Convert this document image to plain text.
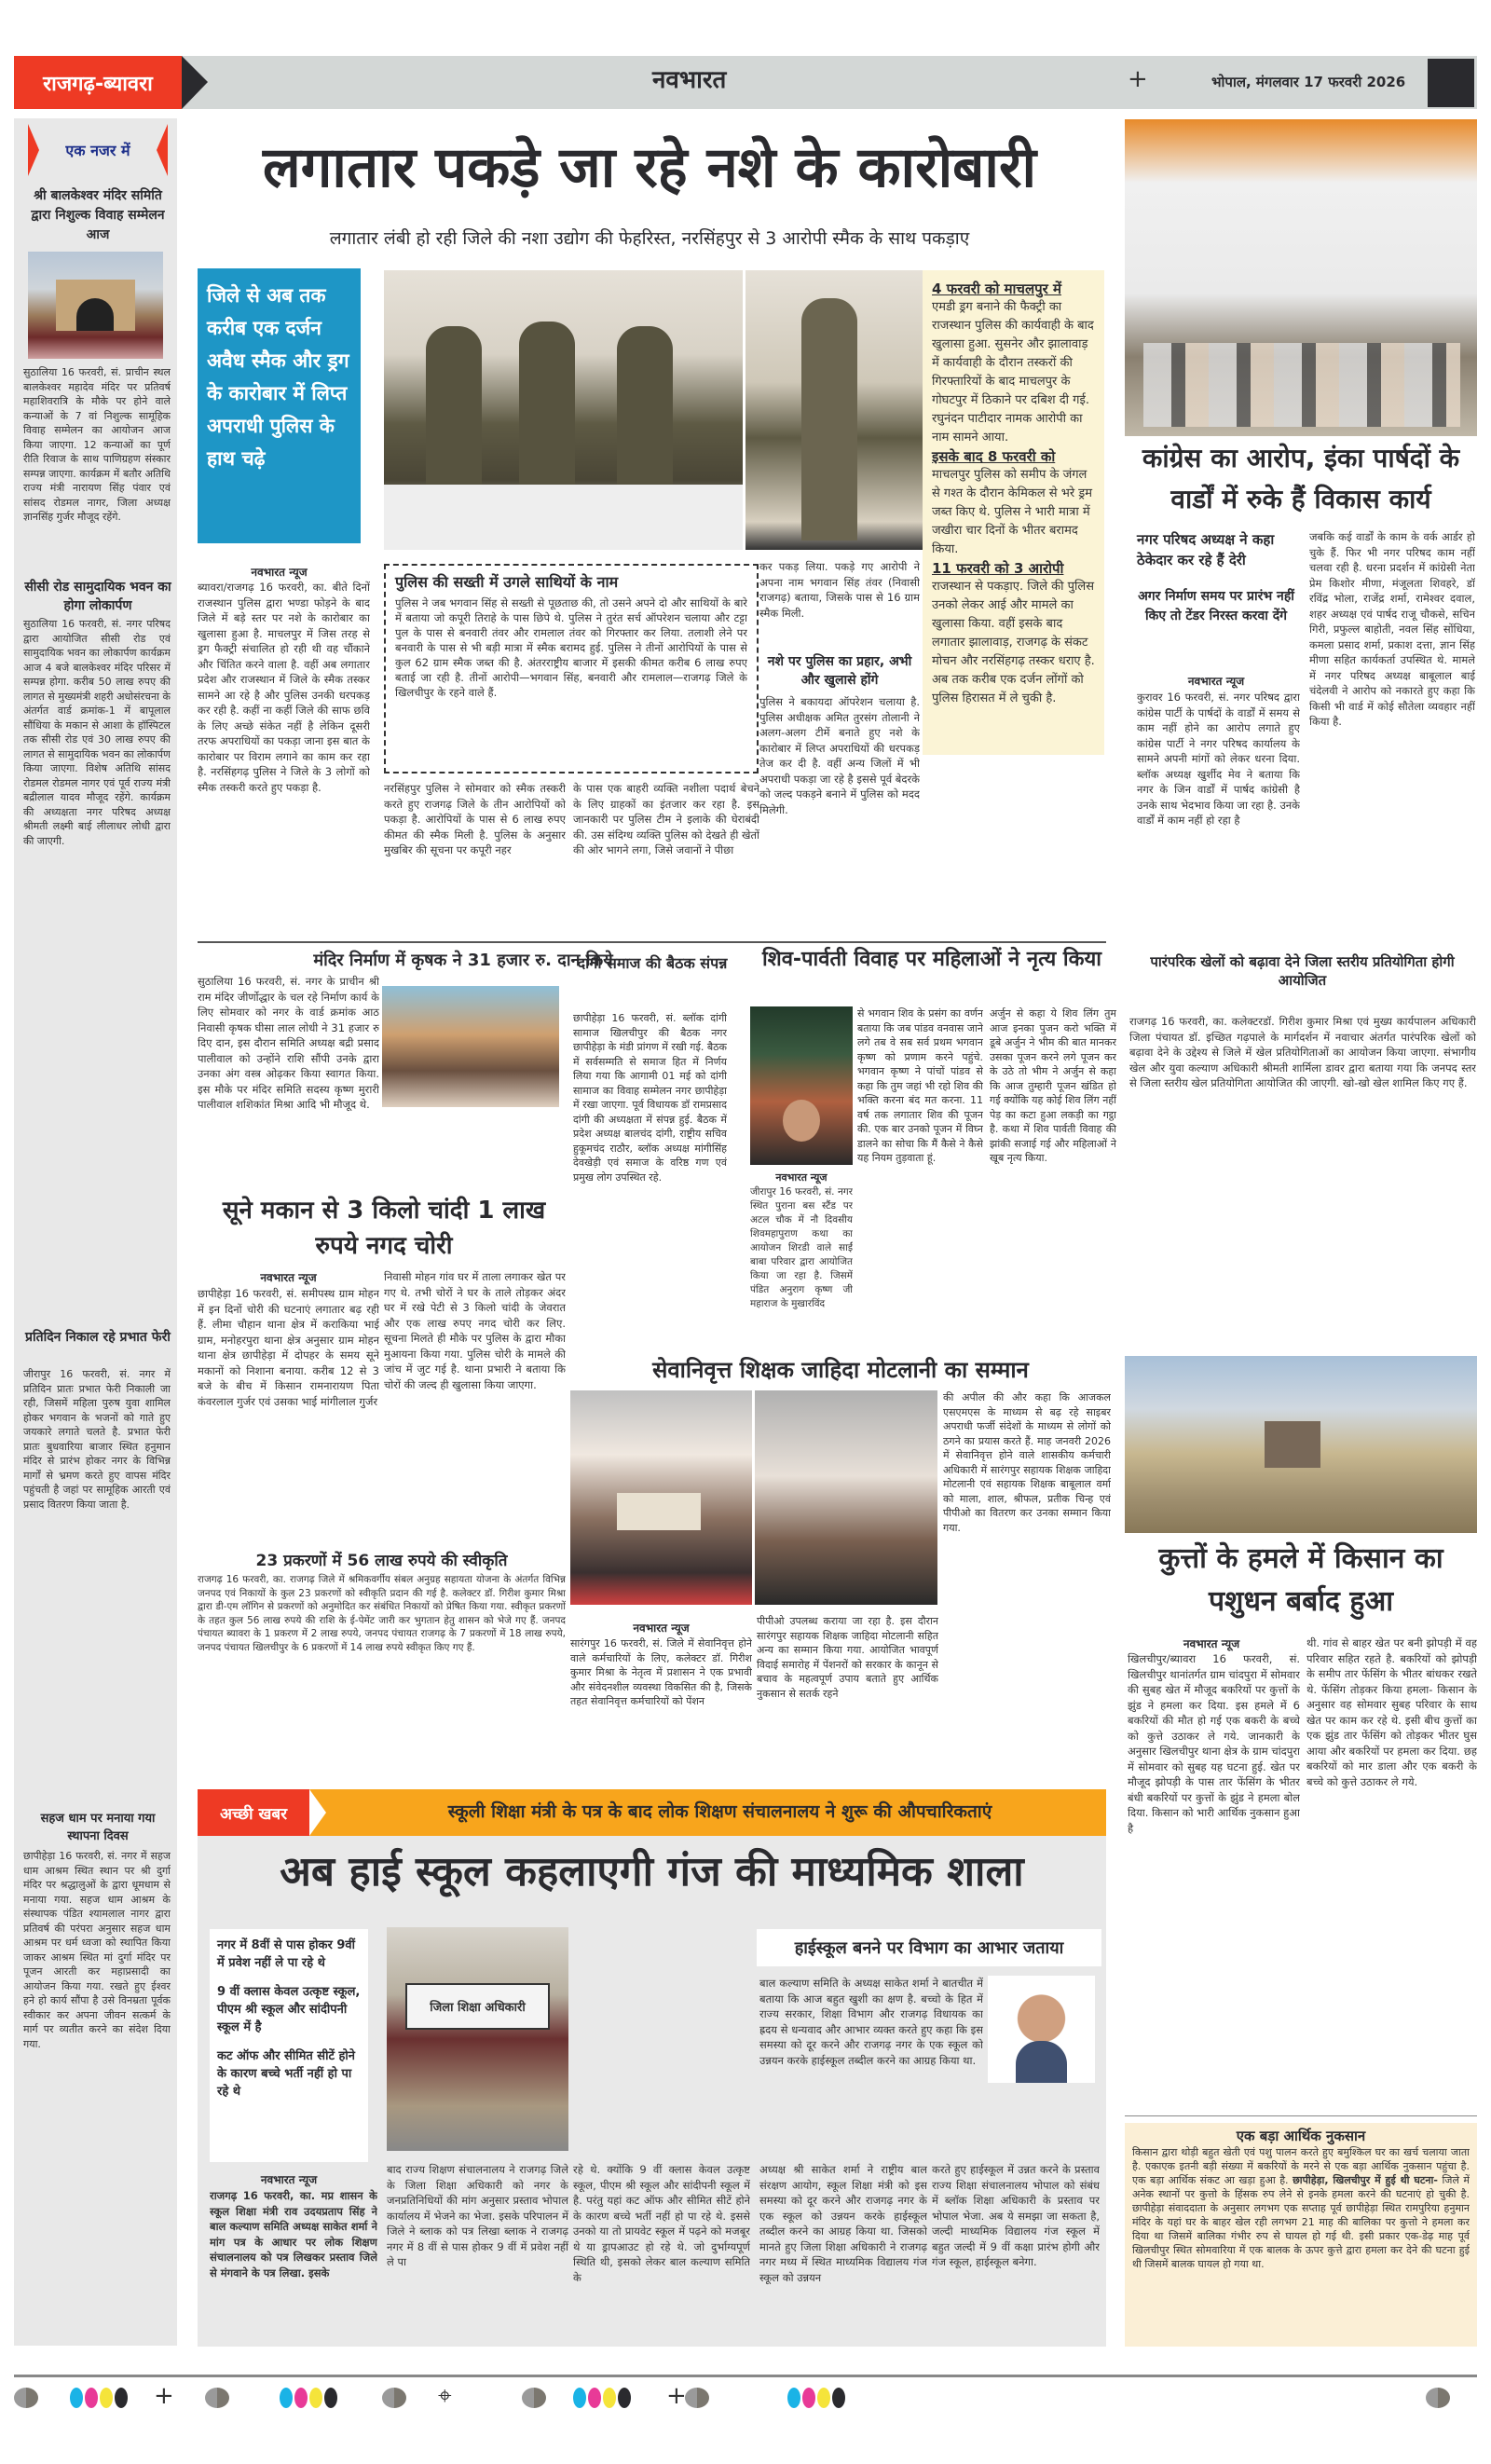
राजगढ़-ब्यावरा	नवभारत	+	भोपाल, मंगलवार 17 फरवरी 2026
एक नजर में
श्री बालकेश्वर मंदिर समिति द्वारा निशुल्क विवाह सम्मेलन आज
सुठालिया 16 फरवरी, सं. प्राचीन स्थल बालकेश्वर महादेव मंदिर पर प्रतिवर्ष महाशिवरात्रि के मौके पर होने वाले कन्याओं के 7 वां निशुल्क सामूहिक विवाह सम्मेलन का आयोजन आज किया जाएगा. 12 कन्याओं का पूर्ण रीति रिवाज के साथ पाणिग्रहण संस्कार सम्पन्न जाएगा. कार्यक्रम में बतौर अतिथि राज्य मंत्री नारायण सिंह पंवार एवं सांसद रोडमल नागर, जिला अध्यक्ष ज्ञानसिंह गुर्जर मौजूद रहेंगे.
सीसी रोड सामुदायिक भवन का होगा लोकार्पण
सुठालिया 16 फरवरी, सं. नगर परिषद द्वारा आयोजित सीसी रोड एवं सामुदायिक भवन का लोकार्पण कार्यक्रम आज 4 बजे बालकेश्वर मंदिर परिसर में सम्पन्न होगा. करीब 50 लाख रुपए की लागत से मुख्यमंत्री शहरी अधोसंरचना के अंतर्गत वार्ड क्रमांक-1 में बापूलाल सौंधिया के मकान से आशा के हॉस्पिटल तक सीसी रोड एवं 30 लाख रुपए की लागत से सामुदायिक भवन का लोकार्पण किया जाएगा. विशेष अतिथि सांसद रोडमल रोडमल नागर एवं पूर्व राज्य मंत्री बद्रीलाल यादव मौजूद रहेंगे. कार्यक्रम की अध्यक्षता नगर परिषद अध्यक्ष श्रीमती लक्ष्मी बाई लीलाधर लोधी द्वारा की जाएगी.
प्रतिदिन निकाल रहे प्रभात फेरी
जीरापुर 16 फरवरी, सं. नगर में प्रतिदिन प्रातः प्रभात फेरी निकाली जा रही, जिसमें महिला पुरुष युवा शामिल होकर भगवान के भजनों को गाते हुए जयकारे लगाते चलते है. प्रभात फेरी प्रातः बुधवारिया बाजार स्थित हनुमान मंदिर से प्रारंभ होकर नगर के विभिन्न मार्गों से भ्रमण करते हुए वापस मंदिर पहुंचती है जहां पर सामूहिक आरती एवं प्रसाद वितरण किया जाता है.
सहज धाम पर मनाया गया स्थापना दिवस
छापीहेड़ा 16 फरवरी, सं. नगर में सहज धाम आश्रम स्थित स्थान पर श्री दुर्गा मंदिर पर श्रद्धालुओं के द्वारा धूमधाम से मनाया गया. सहज धाम आश्रम के संस्थापक पंडित श्यामलाल नागर द्वारा प्रतिवर्ष की परंपरा अनुसार सहज धाम आश्रम पर धर्म ध्वजा को स्थापित किया जाकर आश्रम स्थित मां दुर्गा मंदिर पर पूजन आरती कर महाप्रसादी का आयोजन किया गया. रखते हुए ईश्वर हने हो कार्य सौंपा है उसे विनम्रता पूर्वक स्वीकार कर अपना जीवन सत्कर्म के मार्ग पर व्यतीत करने का संदेश दिया गया.
लगातार पकड़े जा रहे नशे के कारोबारी
लगातार लंबी हो रही जिले की नशा उद्योग की फेहरिस्त, नरसिंहपुर से 3 आरोपी स्मैक के साथ पकड़ाए
जिले से अब तक करीब एक दर्जन अवैध स्मैक और ड्रग के कारोबार में लिप्त अपराधी पुलिस के हाथ चढ़े
4 फरवरी को माचलपुर में
एमडी ड्रग बनाने की फैक्ट्री का राजस्थान पुलिस की कार्यवाही के बाद खुलासा हुआ. सुसनेर और झालावाड़ में कार्यवाही के दौरान तस्करों की गिरफ्तारियों के बाद माचलपुर के गोघटपुर में ठिकाने पर दबिश दी गई. रघुनंदन पाटीदार नामक आरोपी का नाम सामने आया.
इसके बाद 8 फरवरी को
माचलपुर पुलिस को समीप के जंगल से गश्त के दौरान केमिकल से भरे ड्रम जब्त किए थे. पुलिस ने भारी मात्रा में जखीरा चार दिनों के भीतर बरामद किया.
11 फरवरी को 3 आरोपी
राजस्थान से पकड़ाए. जिले की पुलिस उनको लेकर आई और मामले का खुलासा किया. वहीं इसके बाद लगातार झालावाड़, राजगढ़ के संकट मोचन और नरसिंहगढ़ तस्कर धराए है. अब तक करीब एक दर्जन लोंगों को पुलिस हिरासत में ले चुकी है.
नवभारत न्यूज
ब्यावरा/राजगढ़ 16 फरवरी, का. बीते दिनों राजस्थान पुलिस द्वारा भण्डा फोड़ने के बाद जिले में बड़े स्तर पर नशे के कारोबार का खुलासा हुआ है. माचलपुर में जिस तरह से ड्रग फैक्ट्री संचालित हो रही थी वह चौंकाने और चिंतित करने वाला है. वहीं अब लगातार प्रदेश और राजस्थान में जिले के स्मैक तस्कर सामने आ रहे है और पुलिस उनकी धरपकड़ कर रही है. कहीं ना कहीं जिले की साफ छवि के लिए अच्छे संकेत नहीं है लेकिन दूसरी तरफ अपराधियों का पकड़ा जाना इस बात के कारोबार पर विराम लगाने का काम कर रहा है. नरसिंहगढ़ पुलिस ने जिले के 3 लोगों को स्मैक तस्करी करते हुए पकड़ा है.
पुलिस की सख्ती में उगले साथियों के नाम
पुलिस ने जब भगवान सिंह से सख्ती से पूछताछ की, तो उसने अपने दो और साथियों के बारे में बताया जो कपूरी तिराहे के पास छिपे थे. पुलिस ने तुरंत सर्च ऑपरेशन चलाया और टट्टा पुल के पास से बनवारी तंवर और रामलाल तंवर को गिरफ्तार कर लिया. तलाशी लेने पर बनवारी के पास से भी बड़ी मात्रा में स्मैक बरामद हुई. पुलिस ने तीनों आरोपियों के पास से कुल 62 ग्राम स्मैक जब्त की है. अंतरराष्ट्रीय बाजार में इसकी कीमत करीब 6 लाख रुपए बताई जा रही है. तीनों आरोपी—भगवान सिंह, बनवारी और रामलाल—राजगढ़ जिले के खिलचीपुर के रहने वाले हैं.
नरसिंहपुर पुलिस ने सोमवार को स्मैक तस्करी करते हुए राजगढ़ जिले के तीन आरोपियों को पकड़ा है. आरोपियों के पास से 6 लाख रुपए कीमत की स्मैक मिली है. पुलिस के अनुसार मुखबिर की सूचना पर कपूरी नहर
के पास एक बाहरी व्यक्ति नशीला पदार्थ बेचने के लिए ग्राहकों का इंतजार कर रहा है. इस जानकारी पर पुलिस टीम ने इलाके की घेराबंदी की. उस संदिग्ध व्यक्ति पुलिस को देखते ही खेतों की ओर भागने लगा, जिसे जवानों ने पीछा
कर पकड़ लिया. पकड़े गए आरोपी ने अपना नाम भगवान सिंह तंवर (निवासी राजगढ़) बताया, जिसके पास से 16 ग्राम स्मैक मिली.
नशे पर पुलिस का प्रहार, अभी और खुलासे होंगे
पुलिस ने बकायदा ऑपरेशन चलाया है. पुलिस अधीक्षक अमित तुरसंग तोलानी ने अलग-अलग टीमें बनाते हुए नशे के कारोबार में लिप्त अपराधियों की धरपकड़ तेज कर दी है. वहीं अन्य जिलों में भी अपराधी पकड़ा जा रहे है इससे पूर्व बेदरके को जल्द पकड़ने बनाने में पुलिस को मदद मिलेगी.
कांग्रेस का आरोप, इंका पार्षदों के वार्डों में रुके हैं विकास कार्य
नगर परिषद अध्यक्ष ने कहा ठेकेदार कर रहे हैं देरी
अगर निर्माण समय पर प्रारंभ नहीं किए तो टेंडर निरस्त करवा देंगे
नवभारत न्यूज
कुरावर 16 फरवरी, सं. नगर परिषद द्वारा कांग्रेस पार्टी के पार्षदों के वार्डों में समय से काम नहीं होने का आरोप लगाते हुए कांग्रेस पार्टी ने नगर परिषद कार्यालय के सामने अपनी मांगों को लेकर धरना दिया. ब्लॉक अध्यक्ष खुर्शीद मेव ने बताया कि नगर के जिन वार्डों में पार्षद कांग्रेसी है उनके साथ भेदभाव किया जा रहा है. उनके वार्डों में काम नहीं हो रहा है
जबकि कई वार्डों के काम के वर्क आर्डर हो चुके हैं. फिर भी नगर परिषद काम नहीं चलवा रही है. धरना प्रदर्शन में कांग्रेसी नेता प्रेम किशोर मीणा, मंजूलता शिवहरे, डॉ रविंद्र भोला, राजेंद्र शर्मा, रामेश्वर दवाल, शहर अध्यक्ष एवं पार्षद राजू चौकसे, सचिन गिरी, प्रफुल्ल बाहोती, नवल सिंह सोंधिया, कमला प्रसाद शर्मा, प्रकाश दत्ता, ज्ञान सिंह मीणा सहित कार्यकर्ता उपस्थित थे. मामले में नगर परिषद अध्यक्ष बाबूलाल बाई चंदेलवी ने आरोप को नकारते हुए कहा कि किसी भी वार्ड में कोई सौतेला व्यवहार नहीं किया है.
मंदिर निर्माण में कृषक ने 31 हजार रु. दान किये
सुठालिया 16 फरवरी, सं. नगर के प्राचीन श्री राम मंदिर जीर्णोद्धार के चल रहे निर्माण कार्य के लिए सोमवार को नगर के वार्ड क्रमांक आठ निवासी कृषक घीसा लाल लोधी ने 31 हजार रु दिए दान, इस दौरान समिति अध्यक्ष बद्री प्रसाद पालीवाल को उन्होंने राशि सौंपी उनके द्वारा उनका अंग वस्त्र ओढ़कर किया स्वागत किया. इस मौके पर मंदिर समिति सदस्य कृष्ण मुरारी पालीवाल शशिकांत मिश्रा आदि भी मौजूद थे.
दांगी समाज की बैठक संपन्न
छापीहेड़ा 16 फरवरी, सं. ब्लॉक दांगी सामाज खिलचीपुर की बैठक नगर छापीहेड़ा के मंडी प्रांगण में रखी गई. बैठक में सर्वसम्मति से समाज हित में निर्णय लिया गया कि आगामी 01 मई को दांगी सामाज का विवाह सम्मेलन नगर छापीहेड़ा में रखा जाएगा. पूर्व विधायक डॉ रामप्रसाद दांगी की अध्यक्षता में संपन्न हुई. बैठक में प्रदेश अध्यक्ष बालचंद दांगी, राष्ट्रीय सचिव हुकूमचंद राठौर, ब्लॉक अध्यक्ष मांगीसिंह देवखेड़ी एवं समाज के वरिष्ठ गण एवं प्रमुख लोग उपस्थित रहे.
शिव-पार्वती विवाह पर महिलाओं ने नृत्य किया
नवभारत न्यूज
जीरापुर 16 फरवरी, सं. नगर स्थित पुराना बस स्टैंड पर अटल चौक में नौ दिवसीय शिवमहापुराण कथा का आयोजन शिरडी वाले साईं बाबा परिवार द्वारा आयोजित किया जा रहा है. जिसमें पंडित अनुराग कृष्ण जी महाराज के मुखारविंद
से भगवान शिव के प्रसंग का वर्णन बताया कि जब पांडव वनवास जाने लगे तब वे सब सर्व प्रथम भगवान कृष्ण को प्रणाम करने पहुंचे. भगवान कृष्ण ने पांचों पांडव से कहा कि तुम जहां भी रहो शिव की भक्ति करना बंद मत करना. 11 वर्ष तक लगातार शिव की पूजन की. एक बार उनको पूजन में विघ्न डालने का सोचा कि मैं कैसे ने कैसे यह नियम तुड़वाता हूं.
अर्जुन से कहा ये शिव लिंग तुम आज इनका पुजन करो भक्ति में डूबे अर्जुन ने भीम की बात मानकर उसका पूजन करने लगे पूजन कर के उठे तो भीम ने अर्जुन से कहा कि आज तुम्हारी पूजन खंडित हो गई क्योंकि यह कोई शिव लिंग नहीं पेड़ का कटा हुआ लकड़ी का गट्ठा है. कथा में शिव पार्वती विवाह की झांकी सजाई गई और महिलाओं ने खूब नृत्य किया.
पारंपरिक खेलों को बढ़ावा देने जिला स्तरीय प्रतियोगिता होगी आयोजित
राजगढ़ 16 फरवरी, का. कलेक्टरडॉ. गिरीश कुमार मिश्रा एवं मुख्य कार्यपालन अधिकारी जिला पंचायत डॉ. इच्छित गढ़पाले के मार्गदर्शन में नवाचार अंतर्गत पारंपरिक खेलों को बढ़ावा देने के उद्देश्य से जिले में खेल प्रतियोगिताओं का आयोजन किया जाएगा. संभागीय खेल और युवा कल्याण अधिकारी श्रीमती शार्मिला डावर द्वारा बताया गया कि जनपद स्तर से जिला स्तरीय खेल प्रतियोगिता आयोजित की जाएगी. खो-खो खेल शामिल किए गए हैं.
सूने मकान से 3 किलो चांदी 1 लाख रुपये नगद चोरी
नवभारत न्यूज
छापीहेड़ा 16 फरवरी, सं. समीपस्थ ग्राम मोहन में इन दिनों चोरी की घटनाएं लगातार बढ़ रही हैं. लीमा चौहान थाना क्षेत्र में कराकिया भाई ग्राम, मनोहरपुरा थाना क्षेत्र अनुसार ग्राम मोहन थाना क्षेत्र छापीहेड़ा में दोपहर के समय सूने मकानों को निशाना बनाया. करीब 12 से 3 बजे के बीच में किसान रामनारायण पिता कंवरलाल गुर्जर एवं उसका भाई मांगीलाल गुर्जर
निवासी मोहन गांव घर में ताला लगाकर खेत पर गए थे. तभी चोरों ने घर के ताले तोड़कर अंदर घर में रखे पेटी से 3 किलो चांदी के जेवरात और एक लाख रुपए नगद चोरी कर लिए. सूचना मिलते ही मौके पर पुलिस के द्वारा मौका मुआयना किया गया. पुलिस चोरी के मामले की जांच में जुट गई है. थाना प्रभारी ने बताया कि चोरों की जल्द ही खुलासा किया जाएगा.
सेवानिवृत्त शिक्षक जाहिदा मोटलानी का सम्मान
नवभारत न्यूज
सारंगपुर 16 फरवरी, सं. जिले में सेवानिवृत्त होने वाले कर्मचारियों के लिए, कलेक्टर डॉ. गिरीश कुमार मिश्रा के नेतृत्व में प्रशासन ने एक प्रभावी और संवेदनशील व्यवस्था विकसित की है, जिसके तहत सेवानिवृत्त कर्मचारियों को पेंशन
पीपीओ उपलब्ध कराया जा रहा है. इस दौरान सारंगपुर सहायक शिक्षक जाहिदा मोटलानी सहित अन्य का सम्मान किया गया. आयोजित भावपूर्ण विदाई समारोह में पेंशनरों को सरकार के कानून से बचाव के महत्वपूर्ण उपाय बताते हुए आर्थिक नुकसान से सतर्क रहने
की अपील की और कहा कि आजकल एसएमएस के माध्यम से बढ़ रहे साइबर अपराधी फर्जी संदेशों के माध्यम से लोगों को ठगने का प्रयास करते हैं. माह जनवरी 2026 में सेवानिवृत्त होने वाले शासकीय कर्मचारी अधिकारी में सारंगपुर सहायक शिक्षक जाहिदा मोटलानी एवं सहायक शिक्षक बाबूलाल वर्मा को माला, शाल, श्रीफल, प्रतीक चिन्ह एवं पीपीओ का वितरण कर उनका सम्मान किया गया.
23 प्रकरणों में 56 लाख रुपये की स्वीकृति
राजगढ़ 16 फरवरी, का. राजगढ़ जिले में श्रमिकवर्गीय संबल अनुग्रह सहायता योजना के अंतर्गत विभिन्न जनपद एवं निकायों के कुल 23 प्रकरणों को स्वीकृति प्रदान की गई है. कलेक्टर डॉ. गिरीश कुमार मिश्रा द्वारा डी-एम लॉगिन से प्रकरणों को अनुमोदित कर संबंधित निकायों को प्रेषित किया गया. स्वीकृत प्रकरणों के तहत कुल 56 लाख रुपये की राशि के ई-पेमेंट जारी कर भुगतान हेतु शासन को भेजे गए हैं. जनपद पंचायत ब्यावरा के 1 प्रकरण में 2 लाख रुपये, जनपद पंचायत राजगढ़ के 7 प्रकरणों में 18 लाख रुपये, जनपद पंचायत खिलचीपुर के 6 प्रकरणों में 14 लाख रुपये स्वीकृत किए गए हैं.
कुत्तों के हमले में किसान का पशुधन बर्बाद हुआ
नवभारत न्यूज
खिलचीपुर/ब्यावरा 16 फरवरी, सं. खिलचीपुर थानांतर्गत ग्राम चांदपुरा में सोमवार की सुबह खेत में मौजूद बकरियों पर कुत्तों के झुंड ने हमला कर दिया. इस हमले में 6 बकरियों की मौत हो गई एक बकरी के बच्चे को कुत्ते उठाकर ले गये. जानकारी के अनुसार खिलचीपुर थाना क्षेत्र के ग्राम चांदपुरा में सोमवार को सुबह यह घटना हुई. खेत पर मौजूद झोपड़ी के पास तार फेंसिंग के भीतर बंधी बकरियों पर कुत्तों के झुंड ने हमला बोल दिया. किसान को भारी आर्थिक नुकसान हुआ है
थी. गांव से बाहर खेत पर बनी झोपड़ी में वह परिवार सहित रहते है. बकरियों को झोपड़ी के समीप तार फेंसिंग के भीतर बांधकर रखते थे. फेंसिंग तोड़कर किया हमला- किसान के अनुसार वह सोमवार सुबह परिवार के साथ खेत पर काम कर रहे थे. इसी बीच कुत्तों का एक झुंड तार फेंसिंग को तोड़कर भीतर घुस आया और बकरियों पर हमला कर दिया. छह बकरियों को मार डाला और एक बकरी के बच्चे को कुत्ते उठाकर ले गये.
एक बड़ा आर्थिक नुकसान
किसान द्वारा थोड़ी बहुत खेती एवं पशु पालन करते हुए बमुश्किल घर का खर्च चलाया जाता है. एकाएक इतनी बड़ी संख्या में बकरियों के मरने से एक बड़ा आर्थिक नुकसान पहुंचा है. एक बड़ा आर्थिक संकट आ खड़ा हुआ है. छापीहेड़ा, खिलचीपुर में हुई थी घटना- जिले में अनेक स्थानों पर कुत्तो के हिंसक रुप लेने से इनके हमला करने की घटनाएं हो चुकी है. छापीहेड़ा संवाददाता के अनुसार लगभग एक सप्ताह पूर्व छापीहेड़ा स्थित रामपुरिया हनुमान मंदिर के यहां घर के बाहर खेल रही लगभग 21 माह की बालिका पर कुत्तो ने हमला कर दिया था जिसमें बालिका गंभीर रुप से घायल हो गई थी. इसी प्रकार एक-डेढ़ माह पूर्व खिलचीपुर स्थित सोमवारिया में एक बालक के ऊपर कुत्ते द्वारा हमला कर देने की घटना हुई थी जिसमें बालक घायल हो गया था.
अच्छी खबर	स्कूली शिक्षा मंत्री के पत्र के बाद लोक शिक्षण संचालनालय ने शुरू की औपचारिकताएं
अब हाई स्कूल कहलाएगी गंज की माध्यमिक शाला
नगर में 8वीं से पास होकर 9वीं में प्रवेश नहीं ले पा रहे थे
9 वीं क्लास केवल उत्कृष्ट स्कूल, पीएम श्री स्कूल और सांदीपनी स्कूल में है
कट ऑफ और सीमित सीटें होने के कारण बच्चे भर्ती नहीं हो पा रहे थे
जिला शिक्षा अधिकारी
नवभारत न्यूज
राजगढ़ 16 फरवरी, का. मप्र शासन के स्कूल शिक्षा मंत्री राव उदयप्रताप सिंह ने बाल कल्याण समिति अध्यक्ष साकेत शर्मा ने मांग पत्र के आधार पर लोक शिक्षण संचालनालय को पत्र लिखकर प्रस्ताव जिले से मंगवाने के पत्र लिखा. इसके
बाद राज्य शिक्षण संचालनालय ने राजगढ़ जिले के जिला शिक्षा अधिकारी को नगर के जनप्रतिनिधियों की मांग अनुसार प्रस्ताव भोपाल कार्यालय में भेजने का भेजा. इसके परिपालन में जिले ने ब्लाक को पत्र लिखा ब्लाक ने राजगढ़ नगर में 8 वीं से पास होकर 9 वीं में प्रवेश नहीं ले पा
रहे थे. क्योंकि 9 वीं क्लास केवल उत्कृष्ट स्कूल, पीएम श्री स्कूल और सांदीपनी स्कूल में है. परंतु यहां कट ऑफ और सीमित सीटें होने के कारण बच्चे भर्ती नहीं हो पा रहे थे. इससे उनको या तो प्रायवेट स्कूल में पढ़ने को मजबूर थे या ड्रापआउट हो रहे थे. जो दुर्भाग्यपूर्ण स्थिति थी, इसको लेकर बाल कल्याण समिति के
हाईस्कूल बनने पर विभाग का आभार जताया
बाल कल्याण समिति के अध्यक्ष साकेत शर्मा ने बातचीत में बताया कि आज बहुत खुशी का क्षण है. बच्चो के हित में राज्य सरकार, शिक्षा विभाग और राजगढ़ विधायक का ह्रदय से धन्यवाद और आभार व्यक्त करते हुए कहा कि इस समस्या को दूर करने और राजगढ़ नगर के एक स्कूल को उन्नयन करके हाईस्कूल तब्दील करने का आग्रह किया था.
अध्यक्ष श्री साकेत शर्मा ने राष्ट्रीय बाल संरक्षण आयोग, स्कूल शिक्षा मंत्री को इस समस्या को दूर करने और राजगढ़ नगर के एक स्कूल को उन्नयन करके हाईस्कूल तब्दील करने का आग्रह किया था. जिसको मानते हुए जिला शिक्षा अधिकारी ने राजगढ़ नगर मध्य में स्थित माध्यमिक विद्यालय गंज स्कूल को उन्नयन
करते हुए हाईस्कूल में उन्नत करने के प्रस्ताव राज्य शिक्षा संचालनालय भोपाल को संबंध में ब्लॉक शिक्षा अधिकारी के प्रस्ताव पर भोपाल भेजा. अब ये समझा जा सकता है, जल्दी माध्यमिक विद्यालय गंज स्कूल में बहुत जल्दी में 9 वीं कक्षा प्रारंभ होगी और गंज स्कूल, हाईस्कूल बनेगा.
+	⌖	+
